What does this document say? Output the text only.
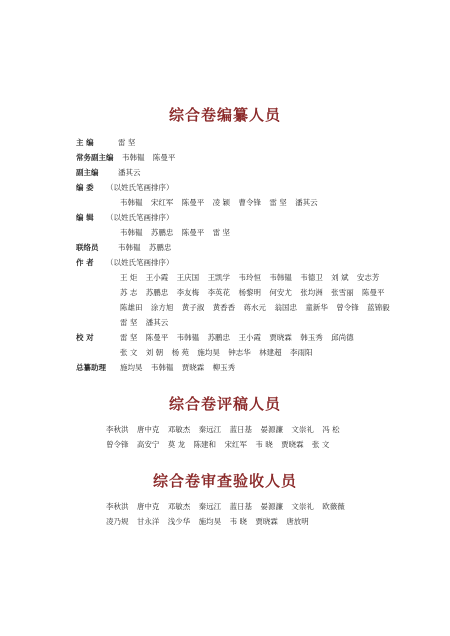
综合卷编纂人员
主 编	雷 坚
常务副主编 韦韩韫 陈曼平
副主编	潘其云
编 委 （以姓氏笔画排序）
韦韩韫 宋红军 陈曼平 凌 颖 曹令锋 雷 坚 潘其云
编 辑 （以姓氏笔画排序）
韦韩韫 苏鹏忠 陈曼平 雷 坚
联络员	韦韩韫 苏鹏忠
作 者 （以姓氏笔画排序）
王 炬 王小霞 王庆国 王凯学 韦玲恒 韦韩韫 韦德卫 刘 斌 安志芳
苏 志 苏鹏忠 李友梅 李英花 杨黎明 何安尤 张均洲 张雪丽 陈曼平
陈雄田 涂方旭 黄子淑 黄香香 蒋水元 翁国忠 童新华 曾令锋 蓝锦毅
雷 坚 潘其云
校 对	雷 坚 陈曼平 韦韩韫 苏鹏忠 王小霞 贾晓霖 韩玉秀 邱尚德
张 文 刘 朝 杨 苑 施均昊 钟志华 林建超 李雨阳
总纂助理 施均昊 韦韩韫 贾晓霖 柳玉秀
综合卷评稿人员
李秋洪 唐中克 邓敏杰 秦远江 蓝日基 晏源濂 文崇礼 冯 松
曾令锋 高安宁 莫 龙 陈建和 宋红军 韦 晓 贾晓霖 张 文
综合卷审查验收人员
李秋洪 唐中克 邓敏杰 秦远江 蓝日基 晏源濂 文崇礼 欧薇薇
凌乃规 甘永洋 浅少华 施均昊 韦 晓 贾晓霖 唐放明
